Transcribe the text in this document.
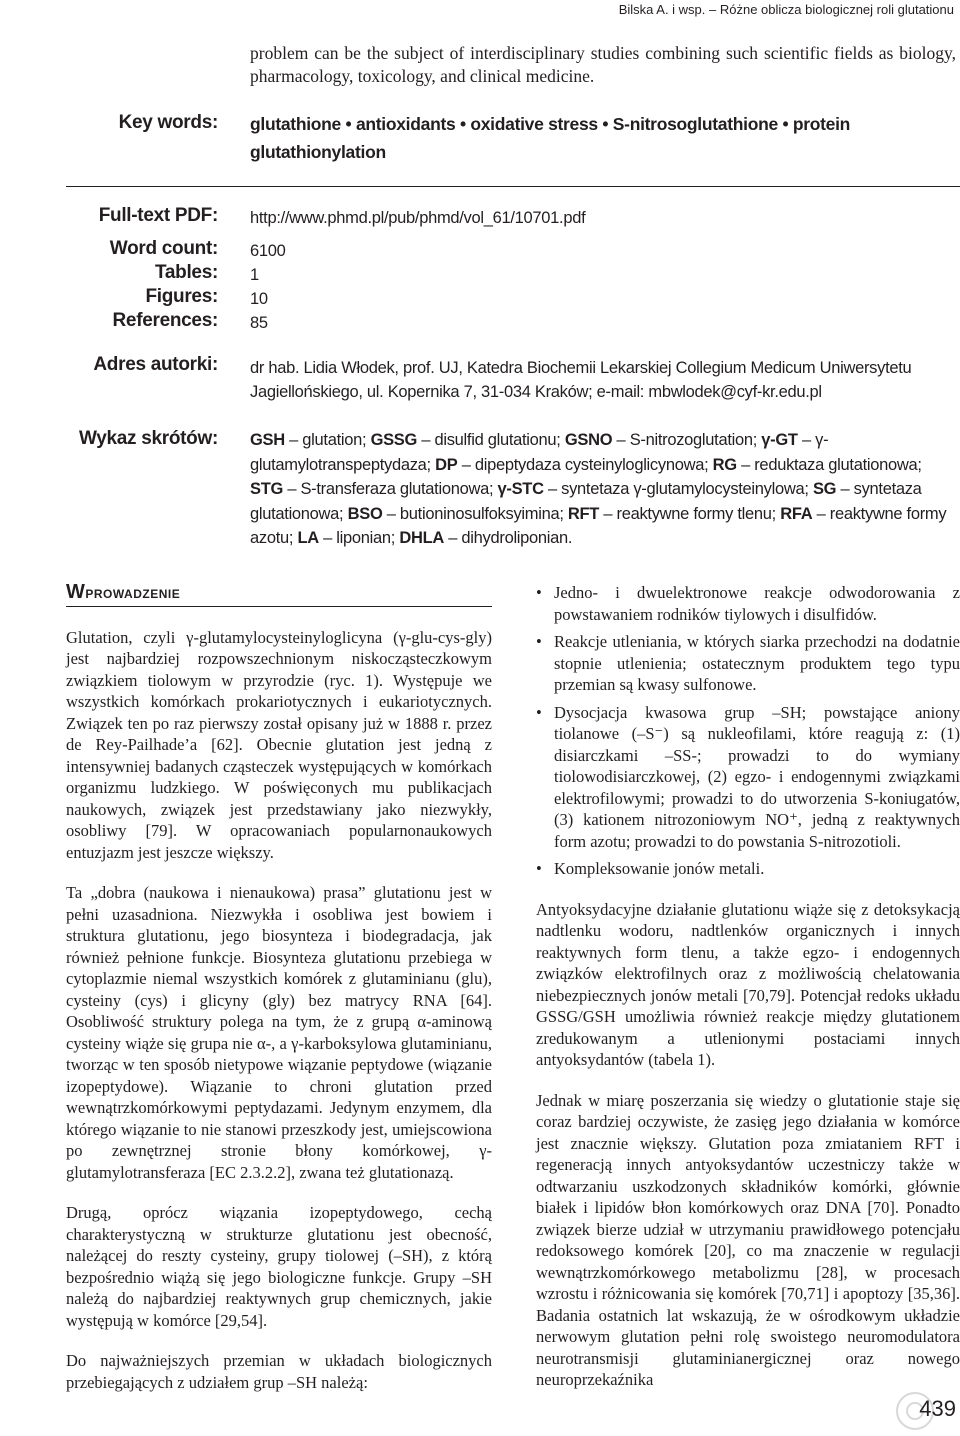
Bilska A. i wsp. – Różne oblicza biologicznej roli glutationu
problem can be the subject of interdisciplinary studies combining such scientific fields as biology, pharmacology, toxicology, and clinical medicine.
Key words: glutathione • antioxidants • oxidative stress • S-nitrosoglutathione • protein glutathionylation
Full-text PDF: http://www.phmd.pl/pub/phmd/vol_61/10701.pdf
Word count: 6100
Tables: 1
Figures: 10
References: 85
Adres autorki: dr hab. Lidia Włodek, prof. UJ, Katedra Biochemii Lekarskiej Collegium Medicum Uniwersytetu Jagiellońskiego, ul. Kopernika 7, 31-034 Kraków; e-mail: mbwlodek@cyf-kr.edu.pl
Wykaz skrótów: GSH – glutation; GSSG – disulfid glutationu; GSNO – S-nitrozoglutation; γ-GT – γ-glutamylotranspeptydaza; DP – dipeptydaza cysteinyloglicynowa; RG – reduktaza glutationowa; STG – S-transferaza glutationowa; γ-STC – syntetaza γ-glutamylocysteinylowa; SG – syntetaza glutationowa; BSO – butioninosulfoksyimina; RFT – reaktywne formy tlenu; RFA – reaktywne formy azotu; LA – liponian; DHLA – dihydroliponian.
Wprowadzenie

Glutation, czyli γ-glutamylocysteinyloglicyna (γ-glu-cys-gly) jest najbardziej rozpowszechnionym niskocząsteczkowym związkiem tiolowym w przyrodzie (ryc. 1). Występuje we wszystkich komórkach prokariotycznych i eukariotycznych. Związek ten po raz pierwszy został opisany już w 1888 r. przez de Rey-Pailhade’a [62]. Obecnie glutation jest jedną z intensywniej badanych cząsteczek występujących w komórkach organizmu ludzkiego. W poświęconych mu publikacjach naukowych, związek jest przedstawiany jako niezwykły, osobliwy [79]. W opracowaniach popularnonaukowych entuzjazm jest jeszcze większy.

Ta „dobra (naukowa i nienaukowa) prasa” glutationu jest w pełni uzasadniona. Niezwykła i osobliwa jest bowiem i struktura glutationu, jego biosynteza i biodegradacja, jak również pełnione funkcje. Biosynteza glutationu przebiega w cytoplazmie niemal wszystkich komórek z glutaminianu (glu), cysteiny (cys) i glicyny (gly) bez matrycy RNA [64]. Osobliwość struktury polega na tym, że z grupą α-aminową cysteiny wiąże się grupa nie α-, a γ-karboksylowa glutaminianu, tworząc w ten sposób nietypowe wiązanie peptydowe (wiązanie izopeptydowe). Wiązanie to chroni glutation przed wewnątrzkomórkowymi peptydazami. Jedynym enzymem, dla którego wiązanie to nie stanowi przeszkody jest, umiejscowiona po zewnętrznej stronie błony komórkowej, γ-glutamylotransferaza [EC 2.3.2.2], zwana też glutationazą.

Drugą, oprócz wiązania izopeptydowego, cechą charakterystyczną w strukturze glutationu jest obecność, należącej do reszty cysteiny, grupy tiolowej (–SH), z którą bezpośrednio wiążą się jego biologiczne funkcje. Grupy –SH należą do najbardziej reaktywnych grup chemicznych, jakie występują w komórce [29,54].

Do najważniejszych przemian w układach biologicznych przebiegających z udziałem grup –SH należą:

• Jedno- i dwuelektronowe reakcje odwodorowania z powstawaniem rodników tiylowych i disulfidów.
• Reakcje utleniania, w których siarka przechodzi na dodatnie stopnie utlenienia; ostatecznym produktem tego typu przemian są kwasy sulfonowe.
• Dysocjacja kwasowa grup –SH; powstające aniony tiolanowe (–S⁻) są nukleofilami, które reagują z: (1) disiarczkami –SS-; prowadzi to do wymiany tiolowodisiarczkowej, (2) egzo- i endogennymi związkami elektrofilowymi; prowadzi to do utworzenia S-koniugatów, (3) kationem nitrozoniowym NO⁺, jedną z reaktywnych form azotu; prowadzi to do powstania S-nitrozotioli.
• Kompleksowanie jonów metali.

Antyoksydacyjne działanie glutationu wiąże się z detoksykacją nadtlenku wodoru, nadtlenków organicznych i innych reaktywnych form tlenu, a także egzo- i endogennych związków elektrofilnych oraz z możliwością chelatowania niebezpiecznych jonów metali [70,79]. Potencjał redoks układu GSSG/GSH umożliwia również reakcje między glutationem zredukowanym a utlenionymi postaciami innych antyoksydantów (tabela 1).

Jednak w miarę poszerzania się wiedzy o glutationie staje się coraz bardziej oczywiste, że zasięg jego działania w komórce jest znacznie większy. Glutation poza zmiataniem RFT i regeneracją innych antyoksydantów uczestniczy także w odtwarzaniu uszkodzonych składników komórki, głównie białek i lipidów błon komórkowych oraz DNA [70]. Ponadto związek bierze udział w utrzymaniu prawidłowego potencjału redoksowego komórek [20], co ma znaczenie w regulacji wewnątrzkomórkowego metabolizmu [28], w procesach wzrostu i różnicowania się komórek [70,71] i apoptozy [35,36]. Badania ostatnich lat wskazują, że w ośrodkowym układzie nerwowym glutation pełni rolę swoistego neuromodulatora neurotransmisji glutaminianergicznej oraz nowego neuroprzekaźnika

439
